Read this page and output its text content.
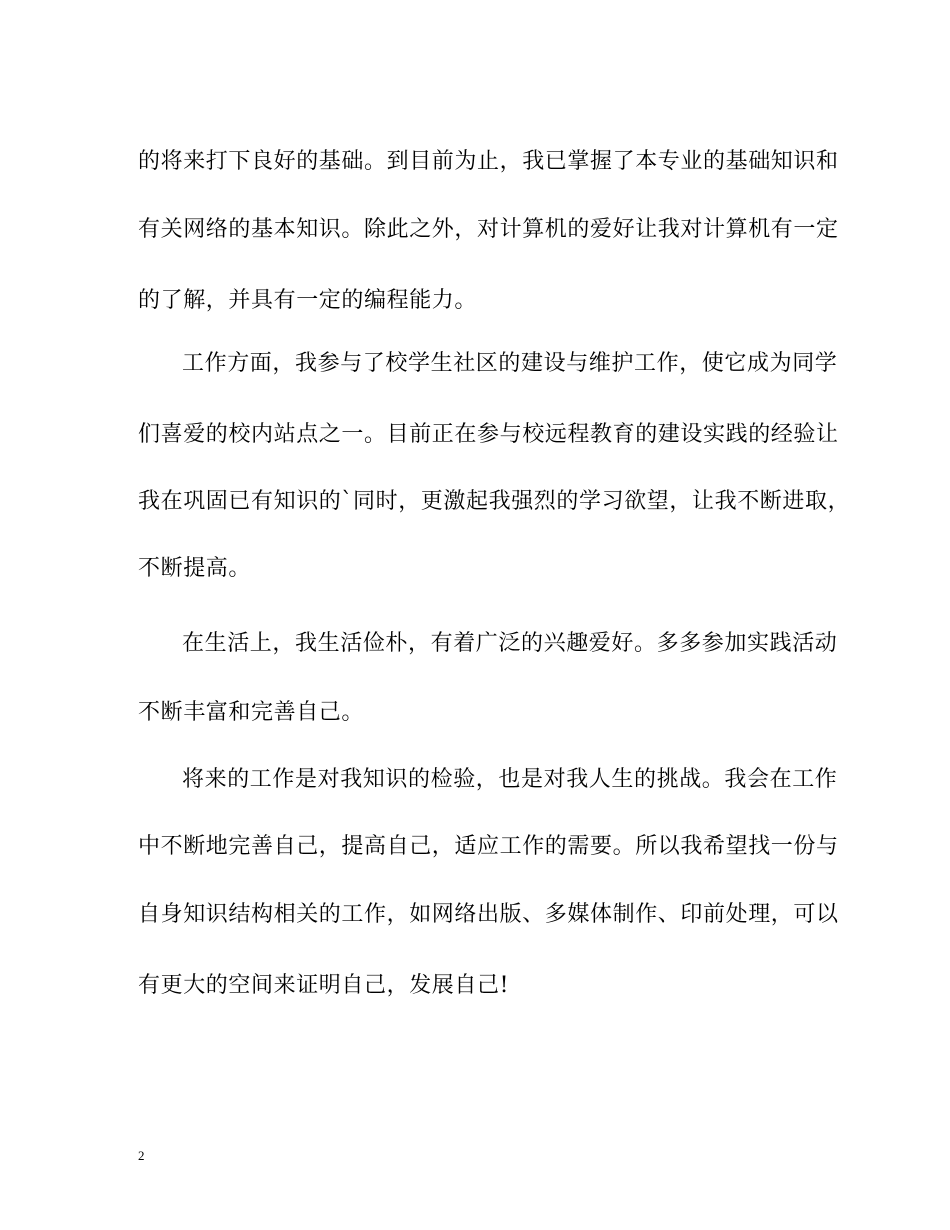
的将来打下良好的基础。到目前为止，我已掌握了本专业的基础知识和
有关网络的基本知识。除此之外，对计算机的爱好让我对计算机有一定
的了解，并具有一定的编程能力。
工作方面，我参与了校学生社区的建设与维护工作，使它成为同学
们喜爱的校内站点之一。目前正在参与校远程教育的建设实践的经验让
我在巩固已有知识的`同时，更激起我强烈的学习欲望，让我不断进取，
不断提高。
在生活上，我生活俭朴，有着广泛的兴趣爱好。多多参加实践活动
不断丰富和完善自己。
将来的工作是对我知识的检验，也是对我人生的挑战。我会在工作
中不断地完善自己，提高自己，适应工作的需要。所以我希望找一份与
自身知识结构相关的工作，如网络出版、多媒体制作、印前处理，可以
有更大的空间来证明自己，发展自己!
2
